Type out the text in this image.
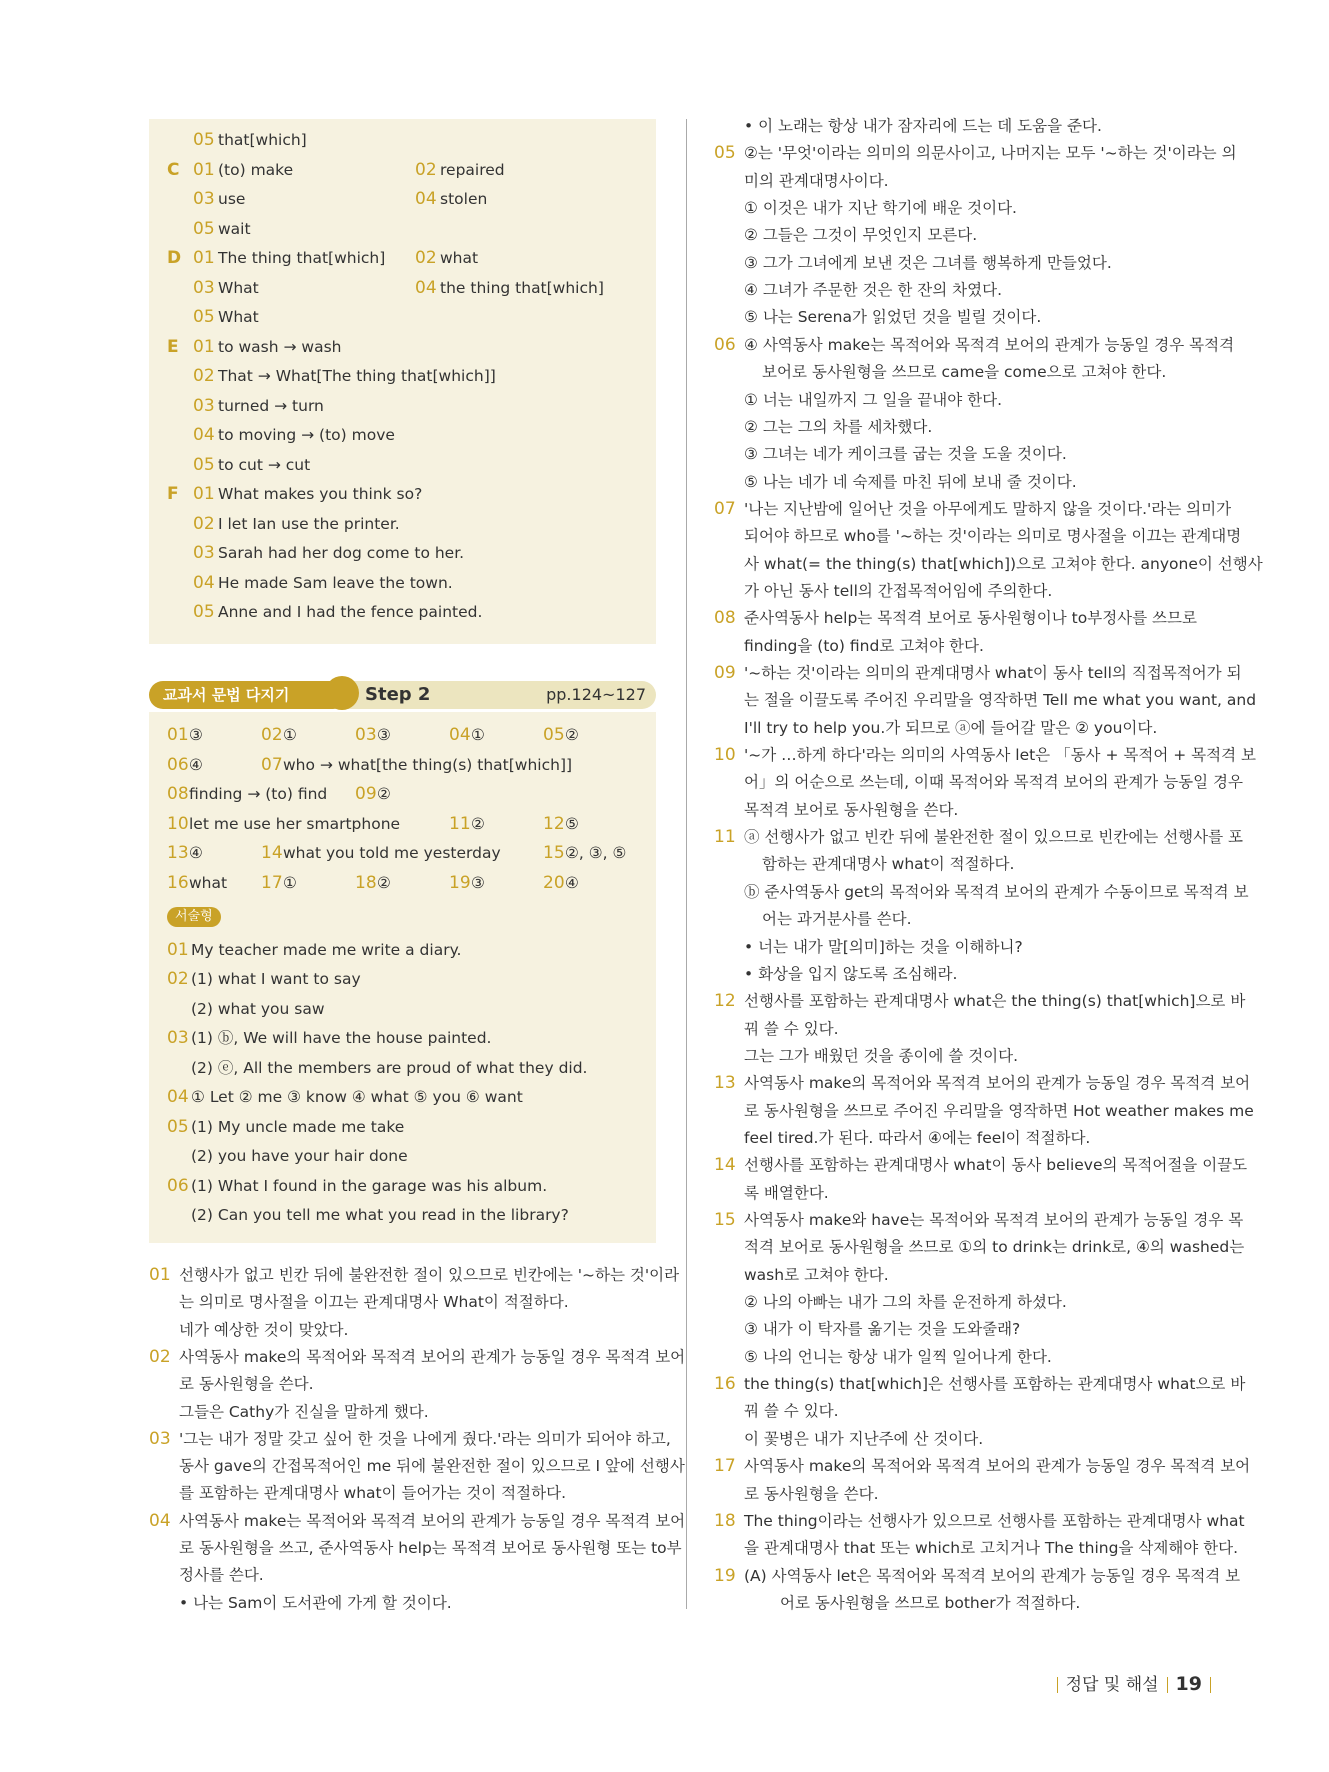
05 that[which]
C 01 (to) make	02 repaired
03 use	04 stolen
05 wait
D 01 The thing that[which] 02 what
03 What	04 the thing that[which]
05 What
E 01 to wash → wash
02 That → What[The thing that[which]]
03 turned → turn
04 to moving → (to) move
05 to cut → cut
F 01 What makes you think so?
02 I let Ian use the printer.
03 Sarah had her dog come to her.
04 He made Sam leave the town.
05 Anne and I had the fence painted.
교과서 문법 다지기	Step 2	pp.124~127
01 ③	02 ①	03 ③	04 ①	05 ②
06 ④	07 who → what[the thing(s) that[which]]
08 finding → (to) find 09 ②
10 let me use her smartphone	11 ②	12 ⑤
13 ④	14 what you told me yesterday 15 ②, ③, ⑤
16 what 17 ①	18 ②	19 ③	20 ④
서술형
01 My teacher made me write a diary.
02 (1) what I want to say
(2) what you saw
03 (1) ⓑ, We will have the house painted.
(2) ⓔ, All the members are proud of what they did.
04 ① Let ② me ③ know ④ what ⑤ you ⑥ want
05 (1) My uncle made me take
(2) you have your hair done
06 (1) What I found in the garage was his album.
(2) Can you tell me what you read in the library?
01 선행사가 없고 빈칸 뒤에 불완전한 절이 있으므로 빈칸에는 '~하는 것'이라
는 의미로 명사절을 이끄는 관계대명사 What이 적절하다.
네가 예상한 것이 맞았다.
02 사역동사 make의 목적어와 목적격 보어의 관계가 능동일 경우 목적격 보어
로 동사원형을 쓴다.
그들은 Cathy가 진실을 말하게 했다.
03 '그는 내가 정말 갖고 싶어 한 것을 나에게 줬다.'라는 의미가 되어야 하고,
동사 gave의 간접목적어인 me 뒤에 불완전한 절이 있으므로 I 앞에 선행사
를 포함하는 관계대명사 what이 들어가는 것이 적절하다.
04 사역동사 make는 목적어와 목적격 보어의 관계가 능동일 경우 목적격 보어
로 동사원형을 쓰고, 준사역동사 help는 목적격 보어로 동사원형 또는 to부
정사를 쓴다.
• 나는 Sam이 도서관에 가게 할 것이다.
• 이 노래는 항상 내가 잠자리에 드는 데 도움을 준다.
05 ②는 '무엇'이라는 의미의 의문사이고, 나머지는 모두 '~하는 것'이라는 의
미의 관계대명사이다.
① 이것은 내가 지난 학기에 배운 것이다.
② 그들은 그것이 무엇인지 모른다.
③ 그가 그녀에게 보낸 것은 그녀를 행복하게 만들었다.
④ 그녀가 주문한 것은 한 잔의 차였다.
⑤ 나는 Serena가 읽었던 것을 빌릴 것이다.
06 ④ 사역동사 make는 목적어와 목적격 보어의 관계가 능동일 경우 목적격
보어로 동사원형을 쓰므로 came을 come으로 고쳐야 한다.
① 너는 내일까지 그 일을 끝내야 한다.
② 그는 그의 차를 세차했다.
③ 그녀는 네가 케이크를 굽는 것을 도울 것이다.
⑤ 나는 네가 네 숙제를 마친 뒤에 보내 줄 것이다.
07 '나는 지난밤에 일어난 것을 아무에게도 말하지 않을 것이다.'라는 의미가
되어야 하므로 who를 '~하는 것'이라는 의미로 명사절을 이끄는 관계대명
사 what(= the thing(s) that[which])으로 고쳐야 한다. anyone이 선행사
가 아닌 동사 tell의 간접목적어임에 주의한다.
08 준사역동사 help는 목적격 보어로 동사원형이나 to부정사를 쓰므로
finding을 (to) find로 고쳐야 한다.
09 '~하는 것'이라는 의미의 관계대명사 what이 동사 tell의 직접목적어가 되
는 절을 이끌도록 주어진 우리말을 영작하면 Tell me what you want, and
I'll try to help you.가 되므로 ⓐ에 들어갈 말은 ② you이다.
10 '~가 …하게 하다'라는 의미의 사역동사 let은 「동사 + 목적어 + 목적격 보
어」의 어순으로 쓰는데, 이때 목적어와 목적격 보어의 관계가 능동일 경우
목적격 보어로 동사원형을 쓴다.
11 ⓐ 선행사가 없고 빈칸 뒤에 불완전한 절이 있으므로 빈칸에는 선행사를 포
함하는 관계대명사 what이 적절하다.
ⓑ 준사역동사 get의 목적어와 목적격 보어의 관계가 수동이므로 목적격 보
어는 과거분사를 쓴다.
• 너는 내가 말[의미]하는 것을 이해하니?
• 화상을 입지 않도록 조심해라.
12 선행사를 포함하는 관계대명사 what은 the thing(s) that[which]으로 바
꿔 쓸 수 있다.
그는 그가 배웠던 것을 종이에 쓸 것이다.
13 사역동사 make의 목적어와 목적격 보어의 관계가 능동일 경우 목적격 보어
로 동사원형을 쓰므로 주어진 우리말을 영작하면 Hot weather makes me
feel tired.가 된다. 따라서 ④에는 feel이 적절하다.
14 선행사를 포함하는 관계대명사 what이 동사 believe의 목적어절을 이끌도
록 배열한다.
15 사역동사 make와 have는 목적어와 목적격 보어의 관계가 능동일 경우 목
적격 보어로 동사원형을 쓰므로 ①의 to drink는 drink로, ④의 washed는
wash로 고쳐야 한다.
② 나의 아빠는 내가 그의 차를 운전하게 하셨다.
③ 내가 이 탁자를 옮기는 것을 도와줄래?
⑤ 나의 언니는 항상 내가 일찍 일어나게 한다.
16 the thing(s) that[which]은 선행사를 포함하는 관계대명사 what으로 바
꿔 쓸 수 있다.
이 꽃병은 내가 지난주에 산 것이다.
17 사역동사 make의 목적어와 목적격 보어의 관계가 능동일 경우 목적격 보어
로 동사원형을 쓴다.
18 The thing이라는 선행사가 있으므로 선행사를 포함하는 관계대명사 what
을 관계대명사 that 또는 which로 고치거나 The thing을 삭제해야 한다.
19 (A) 사역동사 let은 목적어와 목적격 보어의 관계가 능동일 경우 목적격 보
어로 동사원형을 쓰므로 bother가 적절하다.
정답 및 해설 19
